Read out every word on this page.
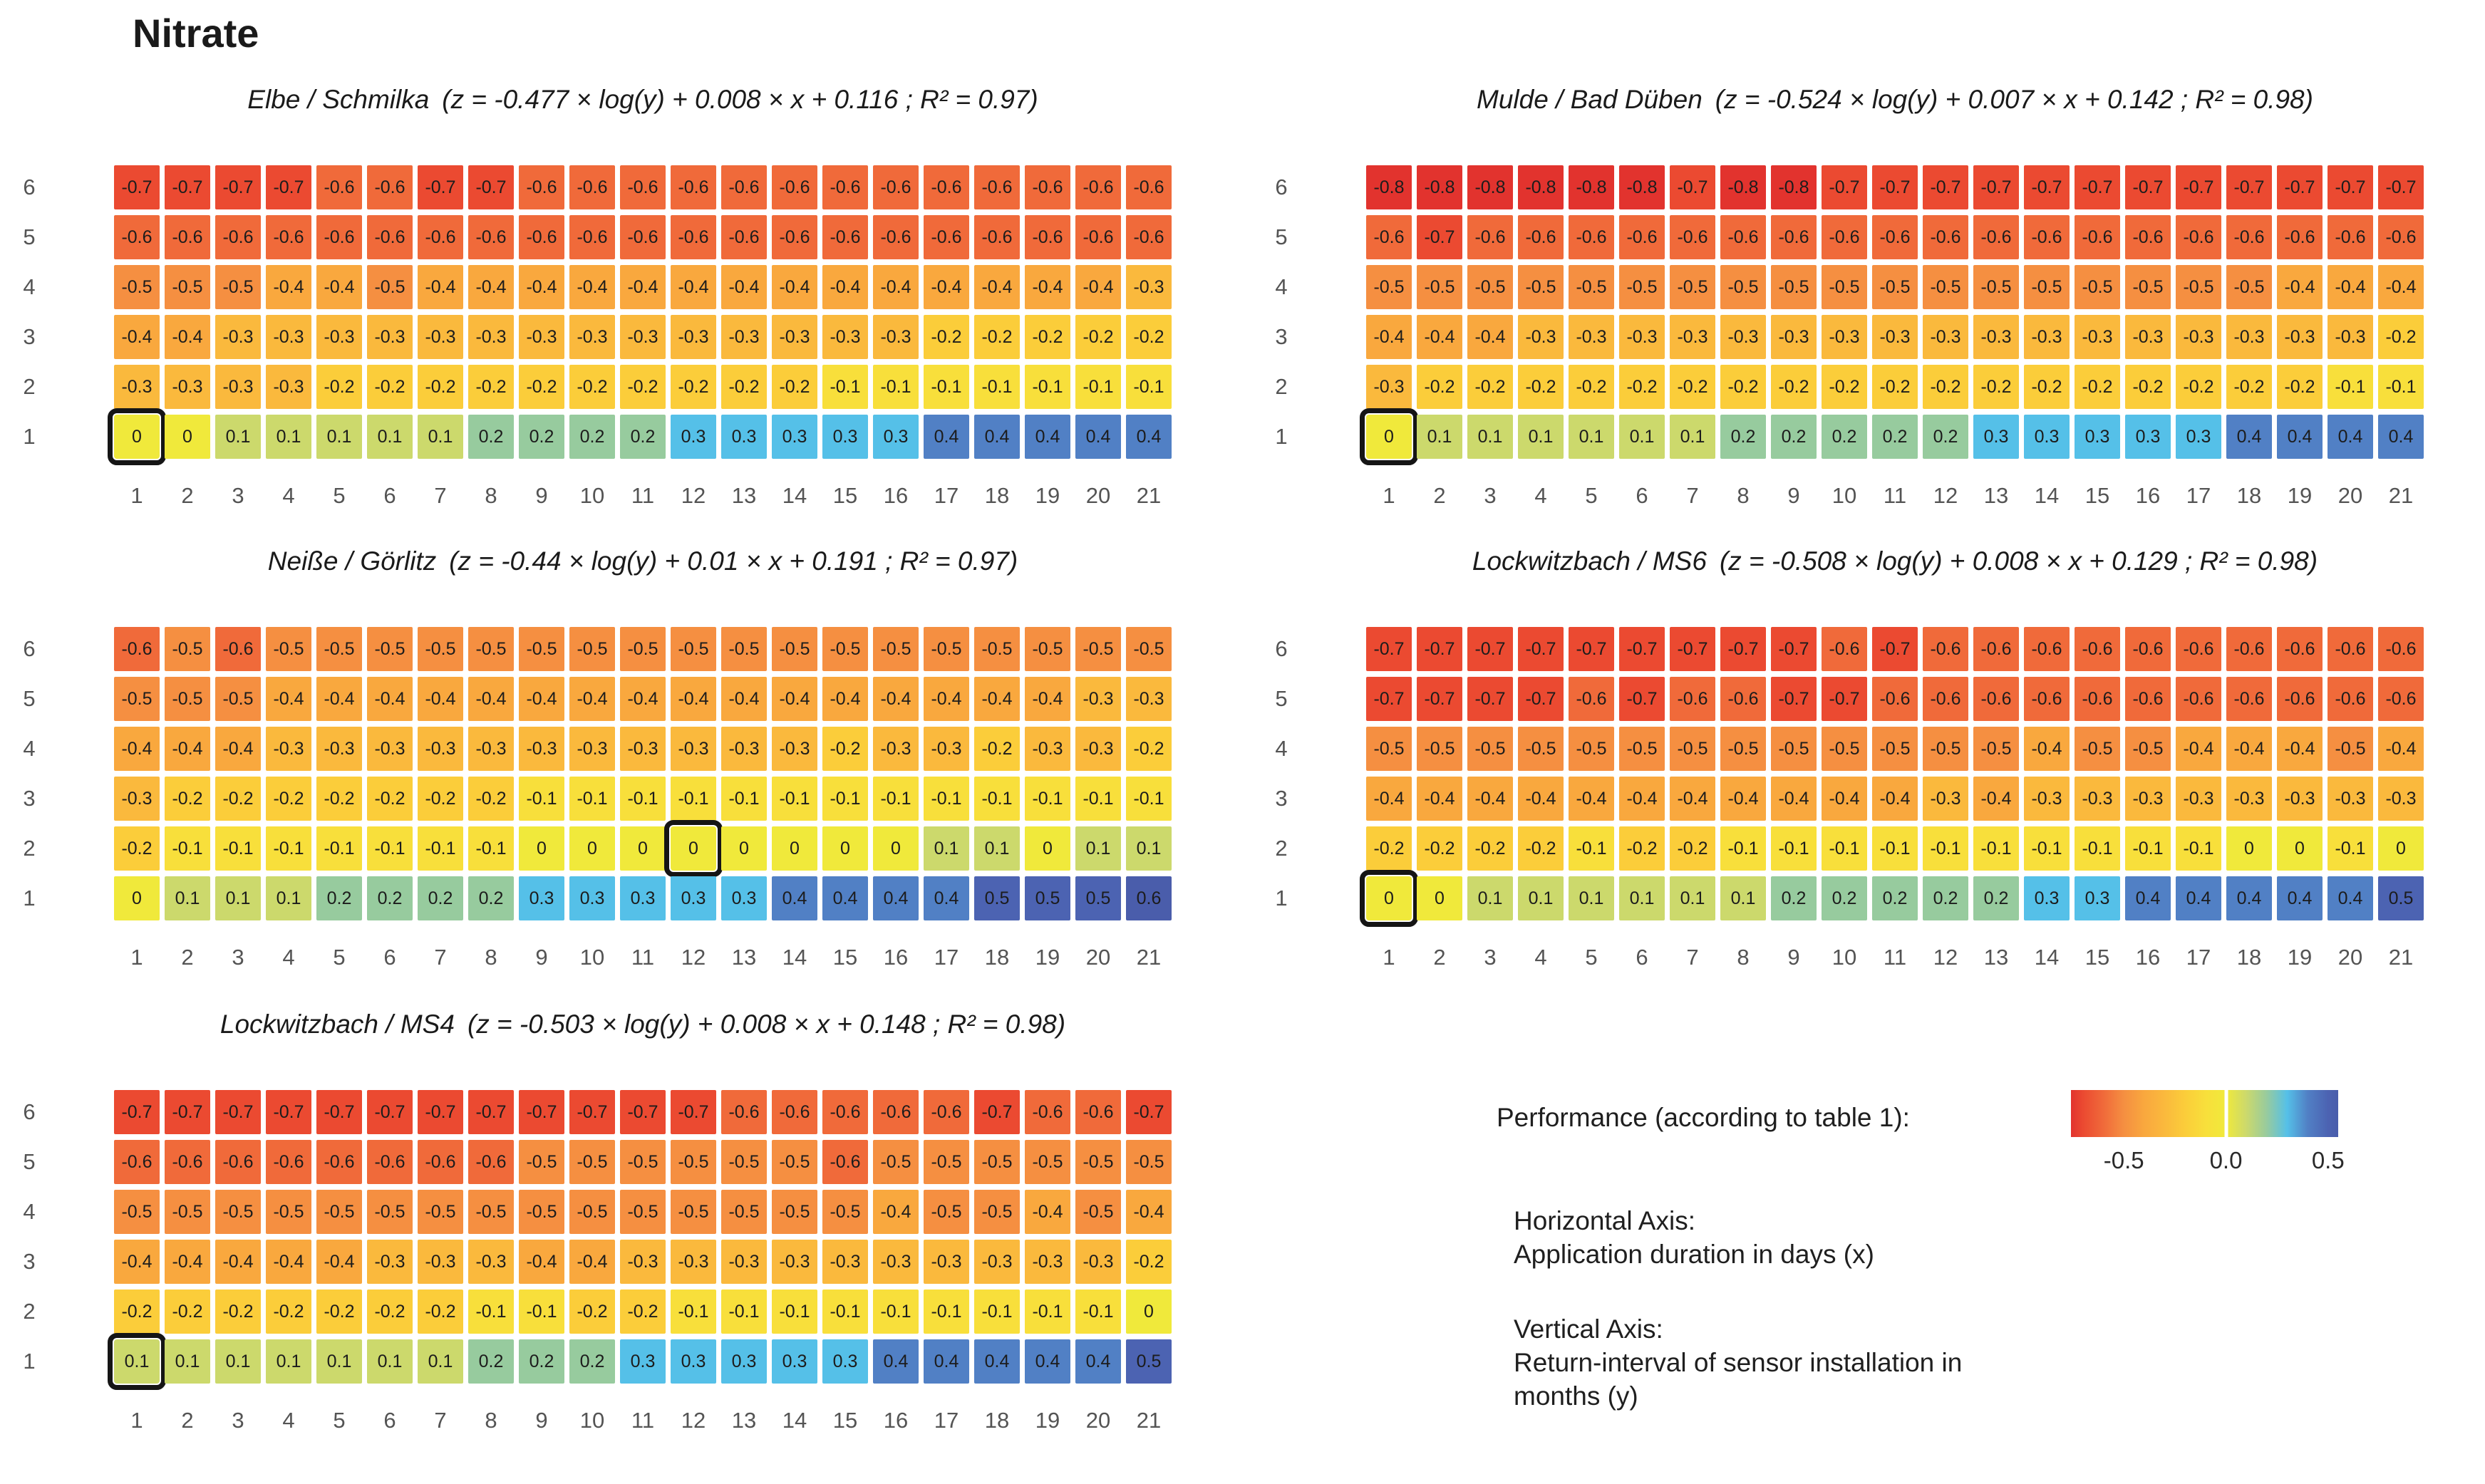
Nitrate
Elbe / Schmilka (z = -0.477 × log(y) + 0.008 × x + 0.116 ; R² = 0.97)
6	-0.7	-0.7	-0.7	-0.7	-0.6	-0.6	-0.7	-0.7	-0.6	-0.6	-0.6	-0.6	-0.6	-0.6	-0.6	-0.6	-0.6	-0.6	-0.6	-0.6	-0.6
5	-0.6	-0.6	-0.6	-0.6	-0.6	-0.6	-0.6	-0.6	-0.6	-0.6	-0.6	-0.6	-0.6	-0.6	-0.6	-0.6	-0.6	-0.6	-0.6	-0.6	-0.6
4	-0.5	-0.5	-0.5	-0.4	-0.4	-0.5	-0.4	-0.4	-0.4	-0.4	-0.4	-0.4	-0.4	-0.4	-0.4	-0.4	-0.4	-0.4	-0.4	-0.4	-0.3
3	-0.4	-0.4	-0.3	-0.3	-0.3	-0.3	-0.3	-0.3	-0.3	-0.3	-0.3	-0.3	-0.3	-0.3	-0.3	-0.3	-0.2	-0.2	-0.2	-0.2	-0.2
2	-0.3	-0.3	-0.3	-0.3	-0.2	-0.2	-0.2	-0.2	-0.2	-0.2	-0.2	-0.2	-0.2	-0.2	-0.1	-0.1	-0.1	-0.1	-0.1	-0.1	-0.1
1	0	0	0.1	0.1	0.1	0.1	0.1	0.2	0.2	0.2	0.2	0.3	0.3	0.3	0.3	0.3	0.4	0.4	0.4	0.4	0.4
1	2	3	4	5	6	7	8	9	10	11	12	13	14	15	16	17	18	19	20	21
Mulde / Bad Düben (z = -0.524 × log(y) + 0.007 × x + 0.142 ; R² = 0.98)
6	-0.8	-0.8	-0.8	-0.8	-0.8	-0.8	-0.7	-0.8	-0.8	-0.7	-0.7	-0.7	-0.7	-0.7	-0.7	-0.7	-0.7	-0.7	-0.7	-0.7	-0.7
5	-0.6	-0.7	-0.6	-0.6	-0.6	-0.6	-0.6	-0.6	-0.6	-0.6	-0.6	-0.6	-0.6	-0.6	-0.6	-0.6	-0.6	-0.6	-0.6	-0.6	-0.6
4	-0.5	-0.5	-0.5	-0.5	-0.5	-0.5	-0.5	-0.5	-0.5	-0.5	-0.5	-0.5	-0.5	-0.5	-0.5	-0.5	-0.5	-0.5	-0.4	-0.4	-0.4
3	-0.4	-0.4	-0.4	-0.3	-0.3	-0.3	-0.3	-0.3	-0.3	-0.3	-0.3	-0.3	-0.3	-0.3	-0.3	-0.3	-0.3	-0.3	-0.3	-0.3	-0.2
2	-0.3	-0.2	-0.2	-0.2	-0.2	-0.2	-0.2	-0.2	-0.2	-0.2	-0.2	-0.2	-0.2	-0.2	-0.2	-0.2	-0.2	-0.2	-0.2	-0.1	-0.1
1	0	0.1	0.1	0.1	0.1	0.1	0.1	0.2	0.2	0.2	0.2	0.2	0.3	0.3	0.3	0.3	0.3	0.4	0.4	0.4	0.4
1	2	3	4	5	6	7	8	9	10	11	12	13	14	15	16	17	18	19	20	21
Neiße / Görlitz (z = -0.44 × log(y) + 0.01 × x + 0.191 ; R² = 0.97)
6	-0.6	-0.5	-0.6	-0.5	-0.5	-0.5	-0.5	-0.5	-0.5	-0.5	-0.5	-0.5	-0.5	-0.5	-0.5	-0.5	-0.5	-0.5	-0.5	-0.5	-0.5
5	-0.5	-0.5	-0.5	-0.4	-0.4	-0.4	-0.4	-0.4	-0.4	-0.4	-0.4	-0.4	-0.4	-0.4	-0.4	-0.4	-0.4	-0.4	-0.4	-0.3	-0.3
4	-0.4	-0.4	-0.4	-0.3	-0.3	-0.3	-0.3	-0.3	-0.3	-0.3	-0.3	-0.3	-0.3	-0.3	-0.2	-0.3	-0.3	-0.2	-0.3	-0.3	-0.2
3	-0.3	-0.2	-0.2	-0.2	-0.2	-0.2	-0.2	-0.2	-0.1	-0.1	-0.1	-0.1	-0.1	-0.1	-0.1	-0.1	-0.1	-0.1	-0.1	-0.1	-0.1
2	-0.2	-0.1	-0.1	-0.1	-0.1	-0.1	-0.1	-0.1	0	0	0	0	0	0	0	0	0.1	0.1	0	0.1	0.1
1	0	0.1	0.1	0.1	0.2	0.2	0.2	0.2	0.3	0.3	0.3	0.3	0.3	0.4	0.4	0.4	0.4	0.5	0.5	0.5	0.6
1	2	3	4	5	6	7	8	9	10	11	12	13	14	15	16	17	18	19	20	21
Lockwitzbach / MS6 (z = -0.508 × log(y) + 0.008 × x + 0.129 ; R² = 0.98)
6	-0.7	-0.7	-0.7	-0.7	-0.7	-0.7	-0.7	-0.7	-0.7	-0.6	-0.7	-0.6	-0.6	-0.6	-0.6	-0.6	-0.6	-0.6	-0.6	-0.6	-0.6
5	-0.7	-0.7	-0.7	-0.7	-0.6	-0.7	-0.6	-0.6	-0.7	-0.7	-0.6	-0.6	-0.6	-0.6	-0.6	-0.6	-0.6	-0.6	-0.6	-0.6	-0.6
4	-0.5	-0.5	-0.5	-0.5	-0.5	-0.5	-0.5	-0.5	-0.5	-0.5	-0.5	-0.5	-0.5	-0.4	-0.5	-0.5	-0.4	-0.4	-0.4	-0.5	-0.4
3	-0.4	-0.4	-0.4	-0.4	-0.4	-0.4	-0.4	-0.4	-0.4	-0.4	-0.4	-0.3	-0.4	-0.3	-0.3	-0.3	-0.3	-0.3	-0.3	-0.3	-0.3
2	-0.2	-0.2	-0.2	-0.2	-0.1	-0.2	-0.2	-0.1	-0.1	-0.1	-0.1	-0.1	-0.1	-0.1	-0.1	-0.1	-0.1	0	0	-0.1	0
1	0	0	0.1	0.1	0.1	0.1	0.1	0.1	0.2	0.2	0.2	0.2	0.2	0.3	0.3	0.4	0.4	0.4	0.4	0.4	0.5
1	2	3	4	5	6	7	8	9	10	11	12	13	14	15	16	17	18	19	20	21
Lockwitzbach / MS4 (z = -0.503 × log(y) + 0.008 × x + 0.148 ; R² = 0.98)
6	-0.7	-0.7	-0.7	-0.7	-0.7	-0.7	-0.7	-0.7	-0.7	-0.7	-0.7	-0.7	-0.6	-0.6	-0.6	-0.6	-0.6	-0.7	-0.6	-0.6	-0.7
5	-0.6	-0.6	-0.6	-0.6	-0.6	-0.6	-0.6	-0.6	-0.5	-0.5	-0.5	-0.5	-0.5	-0.5	-0.6	-0.5	-0.5	-0.5	-0.5	-0.5	-0.5
4	-0.5	-0.5	-0.5	-0.5	-0.5	-0.5	-0.5	-0.5	-0.5	-0.5	-0.5	-0.5	-0.5	-0.5	-0.5	-0.4	-0.5	-0.5	-0.4	-0.5	-0.4
3	-0.4	-0.4	-0.4	-0.4	-0.4	-0.3	-0.3	-0.3	-0.4	-0.4	-0.3	-0.3	-0.3	-0.3	-0.3	-0.3	-0.3	-0.3	-0.3	-0.3	-0.2
2	-0.2	-0.2	-0.2	-0.2	-0.2	-0.2	-0.2	-0.1	-0.1	-0.2	-0.2	-0.1	-0.1	-0.1	-0.1	-0.1	-0.1	-0.1	-0.1	-0.1	0
1	0.1	0.1	0.1	0.1	0.1	0.1	0.1	0.2	0.2	0.2	0.3	0.3	0.3	0.3	0.3	0.4	0.4	0.4	0.4	0.4	0.5
1	2	3	4	5	6	7	8	9	10	11	12	13	14	15	16	17	18	19	20	21
Performance (according to table 1):
-0.5	0.0	0.5
Horizontal Axis:
Application duration in days (x)
Vertical Axis:
Return-interval of sensor installation in months (y)
